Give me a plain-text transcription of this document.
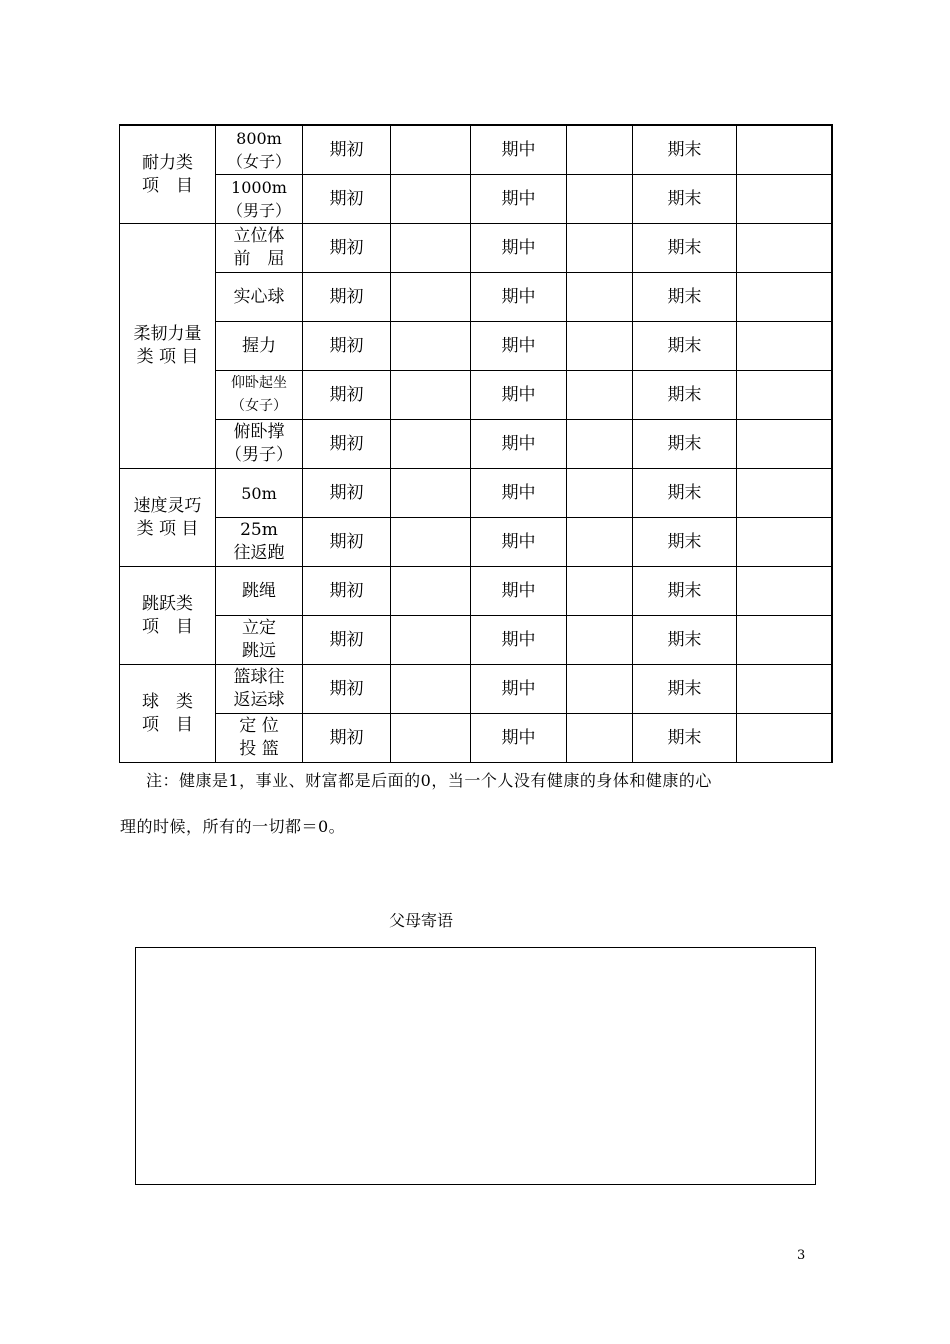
耐力类
项　目	800m
（女子）	期初		期中		期末	

	1000m
（男子）	期初		期中		期末	

柔韧力量
类 项 目	立位体
前　屈	期初		期中		期末	

	实心球	期初		期中		期末	

	握力	期初		期中		期末	

	仰卧起坐
（女子）	期初		期中		期末	

	俯卧撑
（男子）	期初		期中		期末	

速度灵巧
类 项 目	50m	期初		期中		期末	

	25m
往返跑	期初		期中		期末	

跳跃类
项　目	跳绳	期初		期中		期末	

	立定
跳远	期初		期中		期末	

球　类
项　目	篮球往
返运球	期初		期中		期末	

	定 位
投 篮	期初		期中		期末	
注：健康是1，事业、财富都是后面的0，当一个人没有健康的身体和健康的心
理的时候，所有的一切都＝0。
父母寄语
3
